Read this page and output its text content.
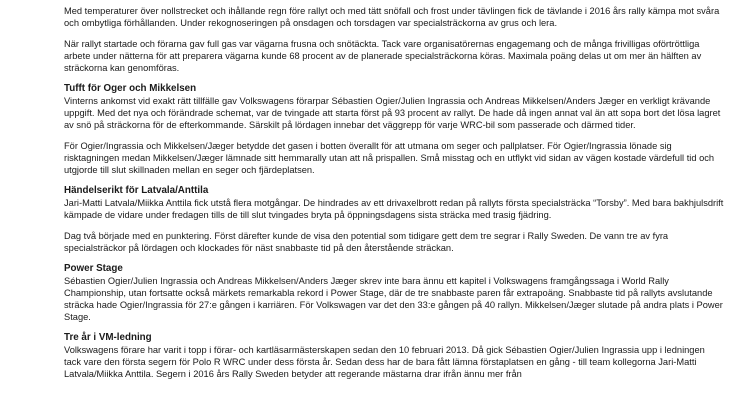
Med temperaturer över nollstrecket och ihållande regn före rallyt och med tätt snöfall och frost under tävlingen fick de tävlande i 2016 års rally kämpa mot svåra och ombytliga förhållanden. Under rekognoseringen på onsdagen och torsdagen var specialsträckorna av grus och lera.

När rallyt startade och förarna gav full gas var vägarna frusna och snötäckta. Tack vare organisatörernas engagemang och de många frivilligas oförtröttliga arbete under nätterna för att preparera vägarna kunde 68 procent av de planerade specialsträckorna köras. Maximala poäng delas ut om mer än hälften av sträckorna kan genomföras.

Tufft för Oger och Mikkelsen

Vinterns ankomst vid exakt rätt tillfälle gav Volkswagens förarpar Sébastien Ogier/Julien Ingrassia och Andreas Mikkelsen/Anders Jæger en verkligt krävande uppgift. Med det nya och förändrade schemat, var de tvingade att starta först på 93 procent av rallyt. De hade då ingen annat val än att sopa bort det lösa lagret av snö på sträckorna för de efterkommande. Särskilt på lördagen innebar det väggrepp för varje WRC-bil som passerade och därmed tider.

För Ogier/Ingrassia och Mikkelsen/Jæger betydde det gasen i botten överallt för att utmana om seger och pallplatser. För Ogier/Ingrassia lönade sig risktagningen medan Mikkelsen/Jæger lämnade sitt hemmarally utan att nå prispallen. Små misstag och en utflykt vid sidan av vägen kostade värdefull tid och utgjorde till slut skillnaden mellan en seger och fjärdeplatsen.

Händelserikt för Latvala/Anttila

Jari-Matti Latvala/Miikka Anttila fick utstå flera motgångar. De hindrades av ett drivaxelbrott redan på rallyts första specialsträcka “Torsby”. Med bara bakhjulsdrift kämpade de vidare under fredagen tills de till slut tvingades bryta på öppningsdagens sista sträcka med trasig fjädring.

Dag två började med en punktering. Först därefter kunde de visa den potential som tidigare gett dem tre segrar i Rally Sweden. De vann tre av fyra specialsträckor på lördagen och klockades för näst snabbaste tid på den återstående sträckan.

Power Stage

Sébastien Ogier/Julien Ingrassia och Andreas Mikkelsen/Anders Jæger skrev inte bara ännu ett kapitel i Volkswagens framgångssaga i World Rally Championship, utan fortsatte också märkets remarkabla rekord i Power Stage, där de tre snabbaste paren får extrapoäng. Snabbaste tid på rallyts avslutande sträcka hade Ogier/Ingrassia för 27:e gången i karriären. För Volkswagen var det den 33:e gången på 40 rallyn. Mikkelsen/Jæger slutade på andra plats i Power Stage.

Tre år i VM-ledning

Volkswagens förare har varit i topp i förar- och kartläsarmästerskapen sedan den 10 februari 2013. Då gick Sébastien Ogier/Julien Ingrassia upp i ledningen tack vare den första segern för Polo R WRC under dess första år. Sedan dess har de bara fått lämna förstaplatsen en gång - till team kollegorna Jari-Matti Latvala/Miikka Anttila. Segern i 2016 års Rally Sweden betyder att regerande mästarna drar ifrån ännu mer från
